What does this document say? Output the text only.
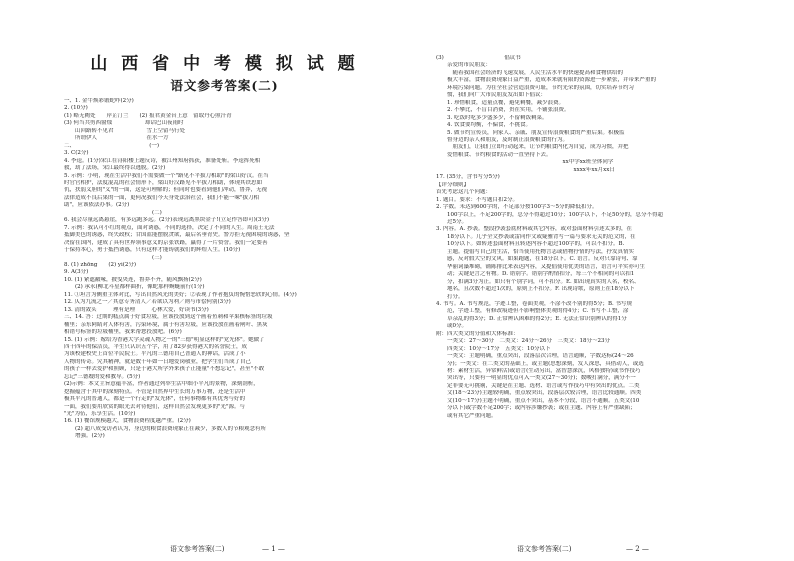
山 西 省 中 考 模 拟 试 题
语文参考答案(二)
一、1. 金牛焕彩锻蛇咋(2分)
2. (10分)
(1) 略无阙处　　岸芷汀兰　　(2) 报君黄金台上意　留取丹心照汗青
(3) 何当共剪西窗烛　　　　　　却话巴山夜雨时
　　山回路转不见君　　　　　　雪上空留马行处
　　所谓伊人　　　　　　　　　在水一方
二、　　　　　　　　　　　　　　(一)
3. C(2分)
4. 李逵。(1分)宋江在浔阳楼上题反诗，被江州知府抓获，准备处斩。李逵挥死相
救，劫了法场，宋江最终得以逃脱。(2分)
5. 示例：小明，现在生活中我们不需要做一个"路见不平拔刀相助"的梁山好汉。在当
时官官相护，法度混乱的社会情形下，梁山好汉路见不平拔刀相助，体现其铁思如
仇，扶弱义胆的"义"的一面，这是可理解的；但同时也要看到他们冲动，鲁莽，无视
法律造成不良后果的一面，更何况我们今天身处法治社会，我们不能一味"拔刀相
助"，应该依法办事。(2分)
　　　　　　　　　　　　　　　　(二)
6. 我会尽量远离悬崖，有多远跑多远。(2分)表现远离黑块金子!(立足作答即可)(3分)
7. 示例：我认可小红的观点，面对诱惑，不同的选择，决定了不同的人生。周南王无法
抵御美色的诱惑，终失政权；甘国蓝能摆脱贪欲，最后名垂青史。警方拒无视困境的诱惑，坚
决留在国内，建成了具有世界领事意义的京张铁路，赢得了一片赞誉。我们一定要善
于保持本心，勇于抵挡诱惑，只有这样才能铸就我们的辉煌人生。(10分)
　　　　　　　　　　　　　　　　(三)
8. (1) zhōng　　(2) yì(2分)
9. A(3分)
10. (1) 紧遮敝喙，披曳央连，鲁莽不齐，随风飘扬(2分)
　　(2) 承永(柳北斗星都样曲折，像蛇那样蜿蜒前行(1分)
11. ①坦言为侧重主体对比，写出自然风光的美好；②表现了作者抱负的惋惜恶欣的心情。(4分)
12. 仄为九流之一／其意专务清人／若欲以为利／则与市侩何别(3分)
13. 清的敛头　　　理有是理　　　心林大爱，好读书(3分)
三、14. 答：过期的糕点属于好食垃圾，应该投放到这个画着鱼刺和苹果核标签的垃圾
桶里；亲东阿睛对人体有害，污染环境，属于有害垃圾，应该投放在画着闸叶、黑灰
相错号标签的垃圾桶里，我来帮您投放吧。(6分)
15. (1) 示例：嫁给为香港大学灵魂人物之一的"三德"明显这样的"党光体"。她做了
四十四年的保洁员，平生只认识五个字，用了82岁获得港大的名誉院士，成
为该校建校史上首位平民院士。平凡的三德用自己普通人的神话，活成了小
人物的传奇。究其精神，就是数十年如一日地爱岗敬业，把学生们当成了自己
的孩子一样去爱护和照顾，只是于港大所学外来孩子正能量"不想忘记"，甚至"不敢
忘记"三德嫂的爱和教导。(5分)
(2)示例：本文主旨意蕴丰富，作者通过列举生活中细小平凡的景物，深刻剖析，
挖掘蕴含于其中的深刻特点。不管是自然界中生长的万事万物，还是生活中
极其平凡的普通人，都是一个行走的"发光体"，任何事物都有其优秀与好的
一面，我们要用欣赏的眼光去对待他们，这样自然会发现更多的"光"源。与
"光"为伍，乐享生活。(10分)
16. (1) 餐馆规模越大，食物浪费程度越严重。(2分)
　　(2) 超八成受访者认为，身边的粮食浪费现象正在减少，多数人的节粮观念有所
　　增强。(2分)
语文参考答案(二)	— 1 —
(3)　　　　　　　　　　　倡议书
　　亲爱的市民朋友：
　　　随着我国社会经济的飞速发展，人民生活水平的快速提高和食物供给的
　　极大丰富，食物浪费现象日益严重，造成本来就有限的资源进一步紧张，并带来严重的
　　环境污染问题。为在全社会营造浪费可耻，节约光荣的氛围，切实培养节约习
　　惯，我们向广大市民朋友发出如下倡议：
　　1. 珍惜粮食，适量点餐，避免剩餐，减少浪费。
　　2. 不攀比，不盲目消费，贵在实用，不铺张浪费。
　　3. 吃饭时吃多少盛多少，不留剩饭剩菜。
　　4. 饮食要均衡，不偏食，不挑食。
　　5. 做节约宣传员，向家人、亲戚、朋友宣传浪费粮食的严重后果。积极监
　　督身边的亲人和朋友，及时制止浪费粮食的行为。
　　　朋友们，让我们立即行动起来，让节约粮食内化为自觉，成为习惯，并把
　　爱惜粮食、节约粮食的活动一直坚持下去。
　　　　　　　　　　　　　　　　　　　　　　　xx中学xx班全体同学
　　　　　　　　　　　　　　　　　　　　　　　　　xxxx年xx月xx日
17. (35分，含书写分5分)
【评分细则】
首先考虑这几个问题：
1. 题目。要求：不写题目扣2分。
2. 字数。未达到600字的，不足部分按100字3～5分的降低扣分。
　　100字以上，不足200字的，总分不得超过10分；100字以下，不足50分的，总分不得超
　　过5分。
3. 内容。A. 抄袭。整段抄袭套底材料或其它内容，或对套面材料引述太多的，在
　　18分以下。几乎全文抄袭或雷同作文或疑雅背写一篇与要求无关的范文的，在
　　10分以下。如转述套面材料且转述内容不超过100字的，可以不扣分。B.
　　主题。提倡写自己的生活，恰当使用托物言志或借物抒情的写法，抒发真情实
　　感，反对假大空的文风。如果跑题，在18分以下。C. 语言。反对只靠诗句、靠
　　华丽词藻堆砌，铺陈排比来表达内容，又提倡使用优美的语言，语言可平实亦可生
　　动；关键是言之有物。D. 错别字。错别字酌情扣分，每三个不相同的可以扣1
　　分，扣满3分为止。如只有个别字词，可不扣分。E. 如出现真实的人名，校名、
　　地名，且次数不超过1次的，原则上不扣分。F. 出现诗歌，原则上在18分以下
　　打分。
4. 书写。A. 书写规范，字迹工整，卷面美观，不涂不改不别的得5分；B. 书写规
　　范，字迹工整，有修改痕迹但不影响整体美观的得4分；C. 书写不工整，涂
　　草杂乱的得3分；D. 正常辨认困难的得2分；E. 无法正常识别辨认的得1分
　　或0分。
附：四大类文的分值和大体标准：
　　一类文：27～30分　二类文：24分～26分　三类文：18分～23分
　　四类文：10分～17分　五类文：10分以下
　　一类文：主题明确，重点突出，段落层次合理，语言通顺，字数达标(24～26
　　分)；一类文：在二类文的基础上，或主题(思想深刻，发人深思，具借动人，或选
　　材：素材生活，异常鲜活)或语言(生动另出，富智慧深沉，风格独特)或书作技巧
　　突出等，只要有一明显的优点可入一类文(27～30分)；数峻打满分，满分不一
　　定非要无可挑剔，关键是在主题、选材、语言或写作技巧中有突出的优点。二类
　　文(18～23分)主题较明确，重点较突出，段落层次较合理，语言比较通顺。四类
　　文(10～17分)主题不明确，重点不突出，基本不分段，语言不通顺。五类文(10
　　分以下)或字数不足200字；或内容涉嫌抄袭；或在主题、内容上有严重缺陷；
　　或有其它严重问题。
语文参考答案(二)	— 2 —
